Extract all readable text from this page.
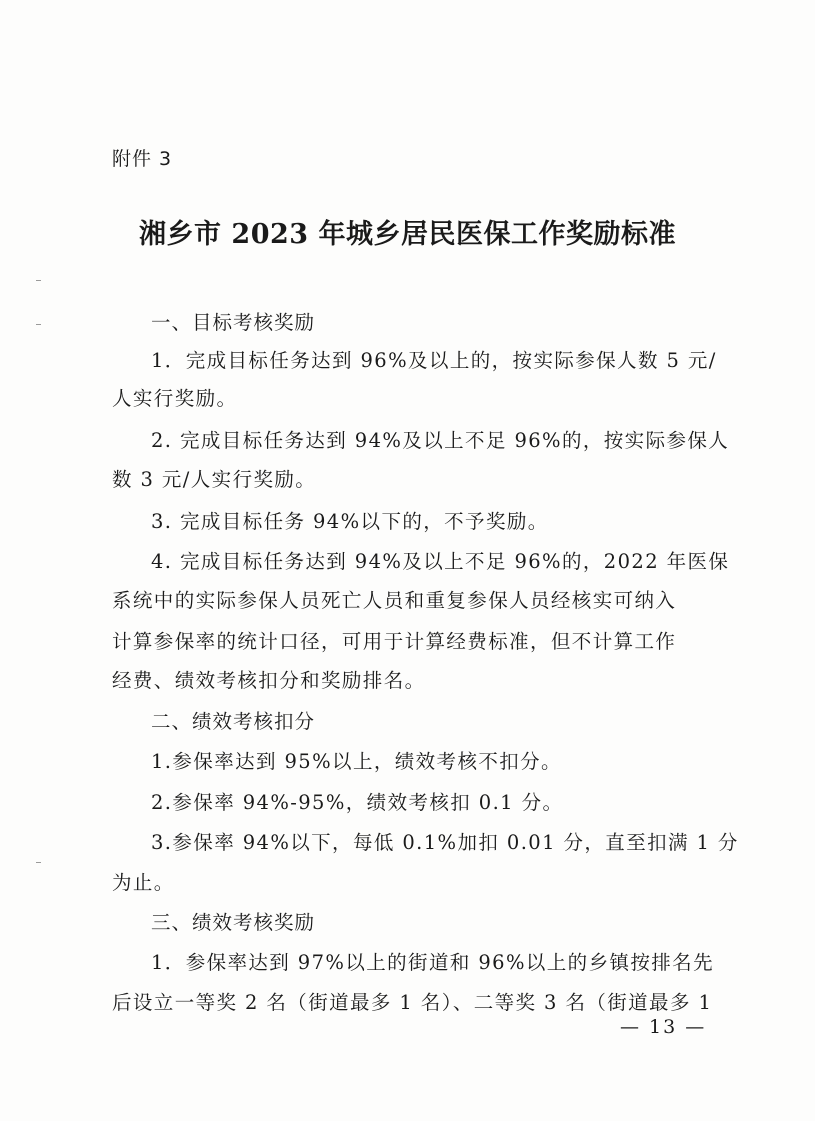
附件 3
湘乡市 2023 年城乡居民医保工作奖励标准
一、目标考核奖励
1．完成目标任务达到 96%及以上的，按实际参保人数 5 元/
人实行奖励。
2. 完成目标任务达到 94%及以上不足 96%的，按实际参保人
数 3 元/人实行奖励。
3. 完成目标任务 94%以下的，不予奖励。
4. 完成目标任务达到 94%及以上不足 96%的，2022 年医保
系统中的实际参保人员死亡人员和重复参保人员经核实可纳入
计算参保率的统计口径，可用于计算经费标准，但不计算工作
经费、绩效考核扣分和奖励排名。
二、绩效考核扣分
1.参保率达到 95%以上，绩效考核不扣分。
2.参保率 94%-95%，绩效考核扣 0.1 分。
3.参保率 94%以下，每低 0.1%加扣 0.01 分，直至扣满 1 分
为止。
三、绩效考核奖励
1．参保率达到 97%以上的街道和 96%以上的乡镇按排名先
后设立一等奖 2 名（街道最多 1 名）、二等奖 3 名（街道最多 1
— 13 —
